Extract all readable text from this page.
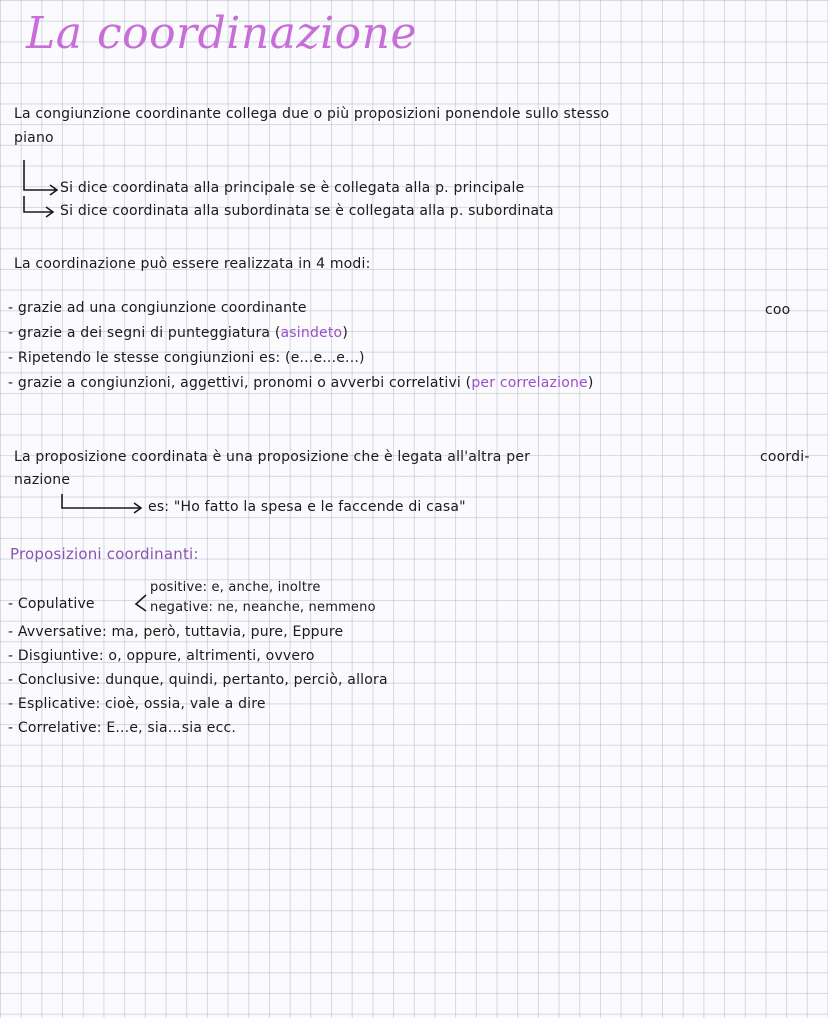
La coordinazione
La congiunzione coordinante collega due o più proposizioni ponendole sullo stesso
piano
Si dice coordinata alla principale se è collegata alla p. principale
Si dice coordinata alla subordinata se è collegata alla p. subordinata
La coordinazione può essere realizzata in 4 modi:
- grazie ad una congiunzione coordinante	coo
- grazie a dei segni di punteggiatura (asindeto)
- Ripetendo le stesse congiunzioni es: (e...e...e...)
- grazie a congiunzioni, aggettivi, pronomi o avverbi correlativi (per correlazione)
La proposizione coordinata è una proposizione che è legata all'altra per	coordi-
nazione
es: "Ho fatto la spesa e le faccende di casa"
Proposizioni coordinanti:
- Copulative
positive: e, anche, inoltre
negative: ne, neanche, nemmeno
- Avversative: ma, però, tuttavia, pure, Eppure
- Disgiuntive: o, oppure, altrimenti, ovvero
- Conclusive: dunque, quindi, pertanto, perciò, allora
- Esplicative: cioè, ossia, vale a dire
- Correlative: E...e, sia...sia ecc.
